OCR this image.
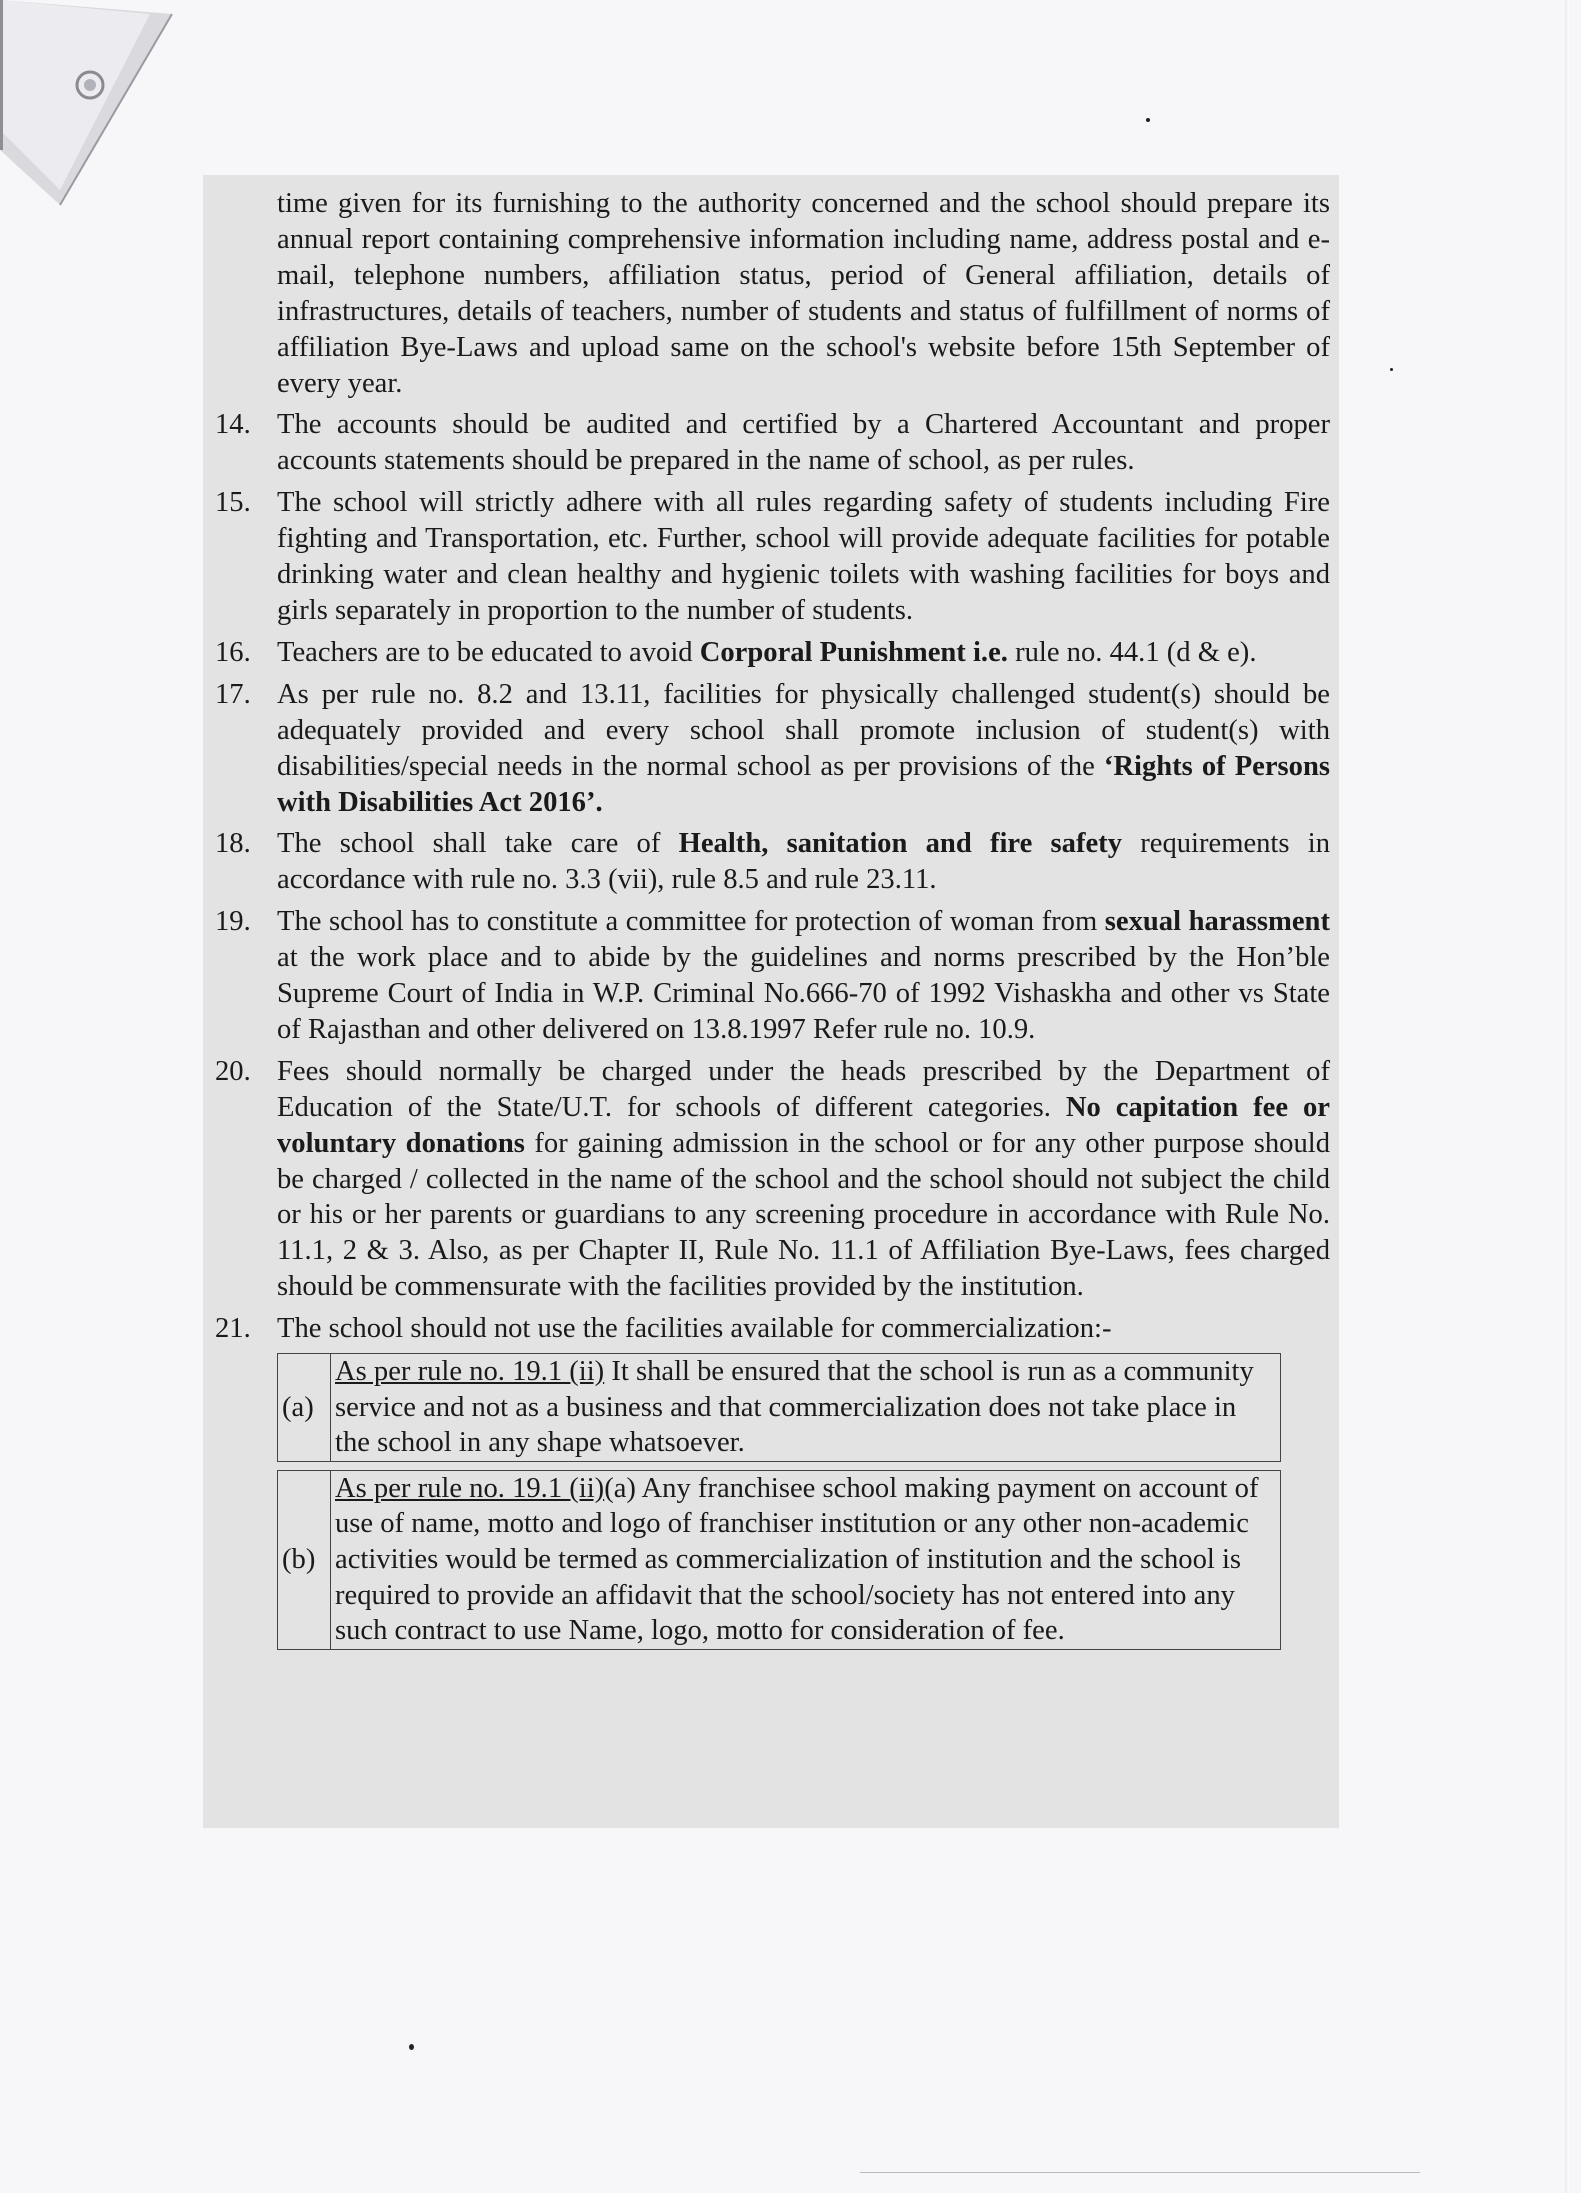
time given for its furnishing to the authority concerned and the school should prepare its annual report containing comprehensive information including name, address postal and e-mail, telephone numbers, affiliation status, period of General affiliation, details of infrastructures, details of teachers, number of students and status of fulfillment of norms of affiliation Bye-Laws and upload same on the school's website before 15th September of every year.
14. The accounts should be audited and certified by a Chartered Accountant and proper accounts statements should be prepared in the name of school, as per rules.
15. The school will strictly adhere with all rules regarding safety of students including Fire fighting and Transportation, etc. Further, school will provide adequate facilities for potable drinking water and clean healthy and hygienic toilets with washing facilities for boys and girls separately in proportion to the number of students.
16. Teachers are to be educated to avoid Corporal Punishment i.e. rule no. 44.1 (d & e).
17. As per rule no. 8.2 and 13.11, facilities for physically challenged student(s) should be adequately provided and every school shall promote inclusion of student(s) with disabilities/special needs in the normal school as per provisions of the ‘Rights of Persons with Disabilities Act 2016’.
18. The school shall take care of Health, sanitation and fire safety requirements in accordance with rule no. 3.3 (vii), rule 8.5 and rule 23.11.
19. The school has to constitute a committee for protection of woman from sexual harassment at the work place and to abide by the guidelines and norms prescribed by the Hon’ble Supreme Court of India in W.P. Criminal No.666-70 of 1992 Vishaskha and other vs State of Rajasthan and other delivered on 13.8.1997 Refer rule no. 10.9.
20. Fees should normally be charged under the heads prescribed by the Department of Education of the State/U.T. for schools of different categories. No capitation fee or voluntary donations for gaining admission in the school or for any other purpose should be charged / collected in the name of the school and the school should not subject the child or his or her parents or guardians to any screening procedure in accordance with Rule No. 11.1, 2 & 3. Also, as per Chapter II, Rule No. 11.1 of Affiliation Bye-Laws, fees charged should be commensurate with the facilities provided by the institution.
21. The school should not use the facilities available for commercialization:-
(a)	As per rule no. 19.1 (ii) It shall be ensured that the school is run as a community service and not as a business and that commercialization does not take place in the school in any shape whatsoever.

(b)	As per rule no. 19.1 (ii)(a) Any franchisee school making payment on account of use of name, motto and logo of franchiser institution or any other non-academic activities would be termed as commercialization of institution and the school is required to provide an affidavit that the school/society has not entered into any such contract to use Name, logo, motto for consideration of fee.
